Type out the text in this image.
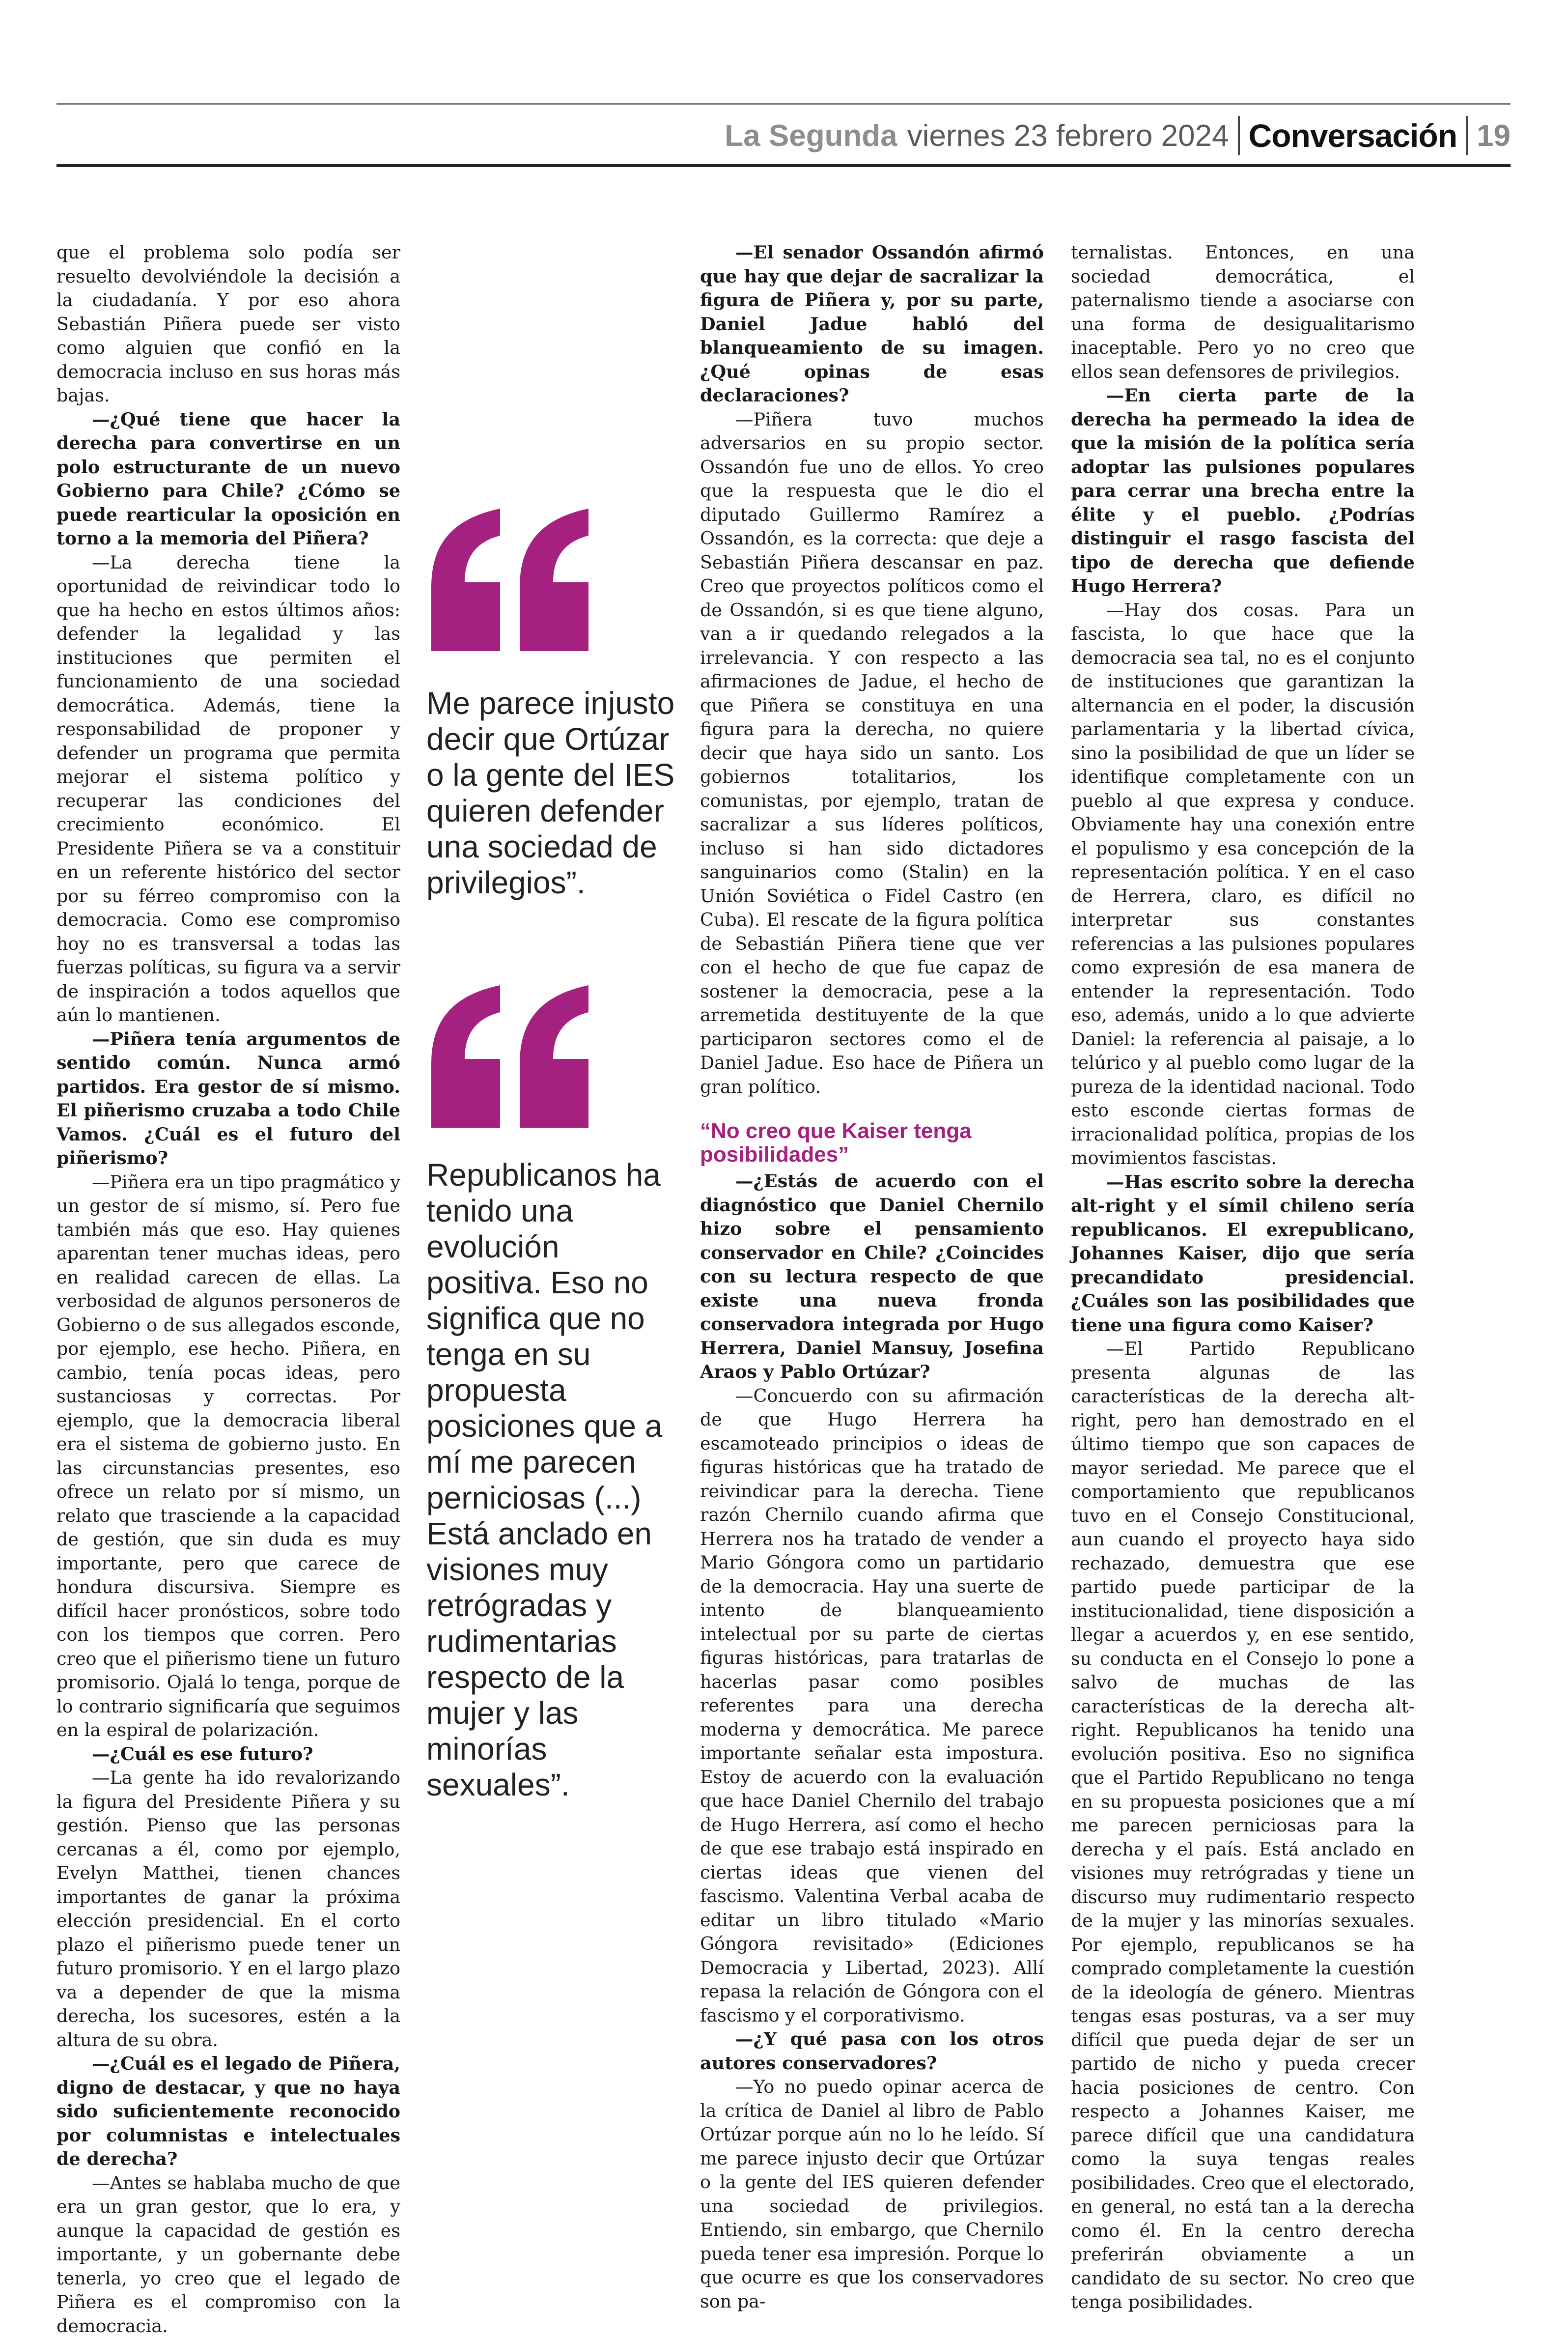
La Segunda viernes 23 febrero 2024 Conversación 19

que el problema solo podía ser resuelto devolviéndole la decisión a la ciudadanía. Y por eso ahora Sebastián Piñera puede ser visto como alguien que confió en la democracia incluso en sus horas más bajas.

—¿Qué tiene que hacer la derecha para convertirse en un polo estructurante de un nuevo Gobierno para Chile? ¿Cómo se puede rearticular la oposición en torno a la memoria del Piñera?

—La derecha tiene la oportunidad de reivindicar todo lo que ha hecho en estos últimos años: defender la legalidad y las instituciones que permiten el funcionamiento de una sociedad democrática. Además, tiene la responsabilidad de proponer y defender un programa que permita mejorar el sistema político y recuperar las condiciones del crecimiento económico. El Presidente Piñera se va a constituir en un referente histórico del sector por su férreo compromiso con la democracia. Como ese compromiso hoy no es transversal a todas las fuerzas políticas, su figura va a servir de inspiración a todos aquellos que aún lo mantienen.

—Piñera tenía argumentos de sentido común. Nunca armó partidos. Era gestor de sí mismo. El piñerismo cruzaba a todo Chile Vamos. ¿Cuál es el futuro del piñerismo?

—Piñera era un tipo pragmático y un gestor de sí mismo, sí. Pero fue también más que eso. Hay quienes aparentan tener muchas ideas, pero en realidad carecen de ellas. La verbosidad de algunos personeros de Gobierno o de sus allegados esconde, por ejemplo, ese hecho. Piñera, en cambio, tenía pocas ideas, pero sustanciosas y correctas. Por ejemplo, que la democracia liberal era el sistema de gobierno justo. En las circunstancias presentes, eso ofrece un relato por sí mismo, un relato que trasciende a la capacidad de gestión, que sin duda es muy importante, pero que carece de hondura discursiva. Siempre es difícil hacer pronósticos, sobre todo con los tiempos que corren. Pero creo que el piñerismo tiene un futuro promisorio. Ojalá lo tenga, porque de lo contrario significaría que seguimos en la espiral de polarización.

—¿Cuál es ese futuro?

—La gente ha ido revalorizando la figura del Presidente Piñera y su gestión. Pienso que las personas cercanas a él, como por ejemplo, Evelyn Matthei, tienen chances importantes de ganar la próxima elección presidencial. En el corto plazo el piñerismo puede tener un futuro promisorio. Y en el largo plazo va a depender de que la misma derecha, los sucesores, estén a la altura de su obra.

—¿Cuál es el legado de Piñera, digno de destacar, y que no haya sido suficientemente reconocido por columnistas e intelectuales de derecha?

—Antes se hablaba mucho de que era un gran gestor, que lo era, y aunque la capacidad de gestión es importante, y un gobernante debe tenerla, yo creo que el legado de Piñera es el compromiso con la democracia.

Me parece injusto decir que Ortúzar o la gente del IES quieren defender una sociedad de privilegios”.
Republicanos ha tenido una evolución positiva. Eso no significa que no tenga en su propuesta posiciones que a mí me parecen perniciosas (...) Está anclado en visiones muy retrógradas y rudimentarias respecto de la mujer y las minorías sexuales”.

—El senador Ossandón afirmó que hay que dejar de sacralizar la figura de Piñera y, por su parte, Daniel Jadue habló del blanqueamiento de su imagen. ¿Qué opinas de esas declaraciones?

—Piñera tuvo muchos adversarios en su propio sector. Ossandón fue uno de ellos. Yo creo que la respuesta que le dio el diputado Guillermo Ramírez a Ossandón, es la correcta: que deje a Sebastián Piñera descansar en paz. Creo que proyectos políticos como el de Ossandón, si es que tiene alguno, van a ir quedando relegados a la irrelevancia. Y con respecto a las afirmaciones de Jadue, el hecho de que Piñera se constituya en una figura para la derecha, no quiere decir que haya sido un santo. Los gobiernos totalitarios, los comunistas, por ejemplo, tratan de sacralizar a sus líderes políticos, incluso si han sido dictadores sanguinarios como (Stalin) en la Unión Soviética o Fidel Castro (en Cuba). El rescate de la figura política de Sebastián Piñera tiene que ver con el hecho de que fue capaz de sostener la democracia, pese a la arremetida destituyente de la que participaron sectores como el de Daniel Jadue. Eso hace de Piñera un gran político.

“No creo que Kaiser tenga posibilidades”

—¿Estás de acuerdo con el diagnóstico que Daniel Chernilo hizo sobre el pensamiento conservador en Chile? ¿Coincides con su lectura respecto de que existe una nueva fronda conservadora integrada por Hugo Herrera, Daniel Mansuy, Josefina Araos y Pablo Ortúzar?

—Concuerdo con su afirmación de que Hugo Herrera ha escamoteado principios o ideas de figuras históricas que ha tratado de reivindicar para la derecha. Tiene razón Chernilo cuando afirma que Herrera nos ha tratado de vender a Mario Góngora como un partidario de la democracia. Hay una suerte de intento de blanqueamiento intelectual por su parte de ciertas figuras históricas, para tratarlas de hacerlas pasar como posibles referentes para una derecha moderna y democrática. Me parece importante señalar esta impostura. Estoy de acuerdo con la evaluación que hace Daniel Chernilo del trabajo de Hugo Herrera, así como el hecho de que ese trabajo está inspirado en ciertas ideas que vienen del fascismo. Valentina Verbal acaba de editar un libro titulado «Mario Góngora revisitado» (Ediciones Democracia y Libertad, 2023). Allí repasa la relación de Góngora con el fascismo y el corporativismo.

—¿Y qué pasa con los otros autores conservadores?

—Yo no puedo opinar acerca de la crítica de Daniel al libro de Pablo Ortúzar porque aún no lo he leído. Sí me parece injusto decir que Ortúzar o la gente del IES quieren defender una sociedad de privilegios. Entiendo, sin embargo, que Chernilo pueda tener esa impresión. Porque lo que ocurre es que los conservadores son pa-

ternalistas. Entonces, en una sociedad democrática, el paternalismo tiende a asociarse con una forma de desigualitarismo inaceptable. Pero yo no creo que ellos sean defensores de privilegios.

—En cierta parte de la derecha ha permeado la idea de que la misión de la política sería adoptar las pulsiones populares para cerrar una brecha entre la élite y el pueblo. ¿Podrías distinguir el rasgo fascista del tipo de derecha que defiende Hugo Herrera?

—Hay dos cosas. Para un fascista, lo que hace que la democracia sea tal, no es el conjunto de instituciones que garantizan la alternancia en el poder, la discusión parlamentaria y la libertad cívica, sino la posibilidad de que un líder se identifique completamente con un pueblo al que expresa y conduce. Obviamente hay una conexión entre el populismo y esa concepción de la representación política. Y en el caso de Herrera, claro, es difícil no interpretar sus constantes referencias a las pulsiones populares como expresión de esa manera de entender la representación. Todo eso, además, unido a lo que advierte Daniel: la referencia al paisaje, a lo telúrico y al pueblo como lugar de la pureza de la identidad nacional. Todo esto esconde ciertas formas de irracionalidad política, propias de los movimientos fascistas.

—Has escrito sobre la derecha alt-right y el símil chileno sería republicanos. El exrepublicano, Johannes Kaiser, dijo que sería precandidato presidencial. ¿Cuáles son las posibilidades que tiene una figura como Kaiser?

—El Partido Republicano presenta algunas de las características de la derecha alt-right, pero han demostrado en el último tiempo que son capaces de mayor seriedad. Me parece que el comportamiento que republicanos tuvo en el Consejo Constitucional, aun cuando el proyecto haya sido rechazado, demuestra que ese partido puede participar de la institucionalidad, tiene disposición a llegar a acuerdos y, en ese sentido, su conducta en el Consejo lo pone a salvo de muchas de las características de la derecha alt-right. Republicanos ha tenido una evolución positiva. Eso no significa que el Partido Republicano no tenga en su propuesta posiciones que a mí me parecen perniciosas para la derecha y el país. Está anclado en visiones muy retrógradas y tiene un discurso muy rudimentario respecto de la mujer y las minorías sexuales. Por ejemplo, republicanos se ha comprado completamente la cuestión de la ideología de género. Mientras tengas esas posturas, va a ser muy difícil que pueda dejar de ser un partido de nicho y pueda crecer hacia posiciones de centro. Con respecto a Johannes Kaiser, me parece difícil que una candidatura como la suya tengas reales posibilidades. Creo que el electorado, en general, no está tan a la derecha como él. En la centro derecha preferirán obviamente a un candidato de su sector. No creo que tenga posibilidades.
